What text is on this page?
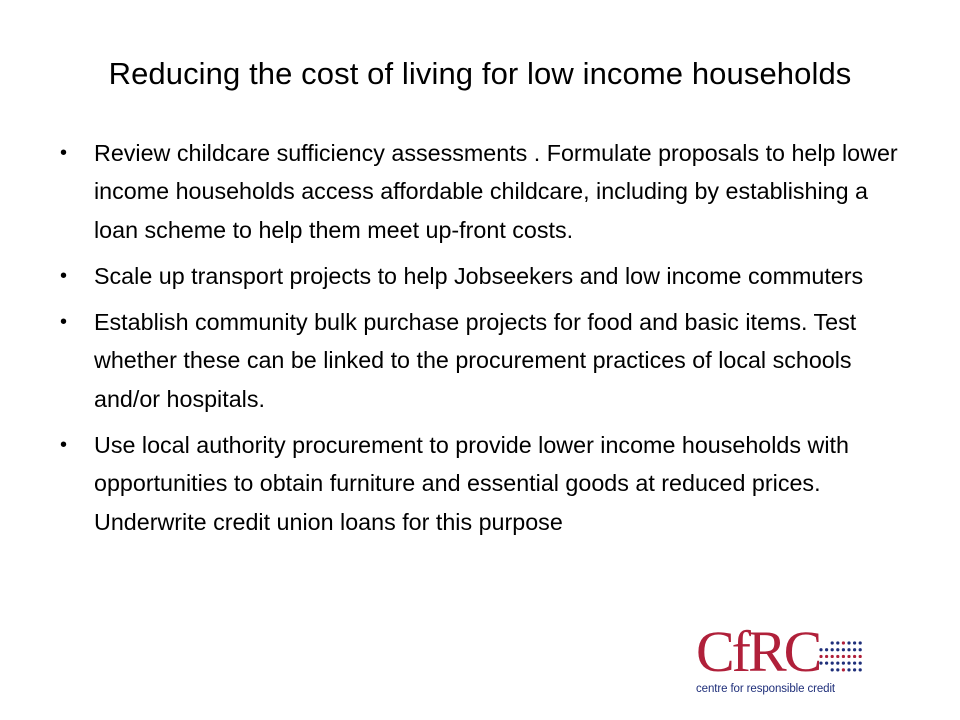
Reducing the cost of living for low income households
• Review childcare sufficiency assessments . Formulate proposals to help lower income households access affordable childcare, including by establishing a loan scheme to help them meet up-front costs.
• Scale up transport projects to help Jobseekers and low income commuters
• Establish community bulk purchase projects for food and basic items. Test whether these can be linked to the procurement practices of local schools and/or hospitals.
• Use local authority procurement to provide lower income households with opportunities to obtain furniture and essential goods at reduced prices. Underwrite credit union loans for this purpose
CfRC
centre for responsible credit
